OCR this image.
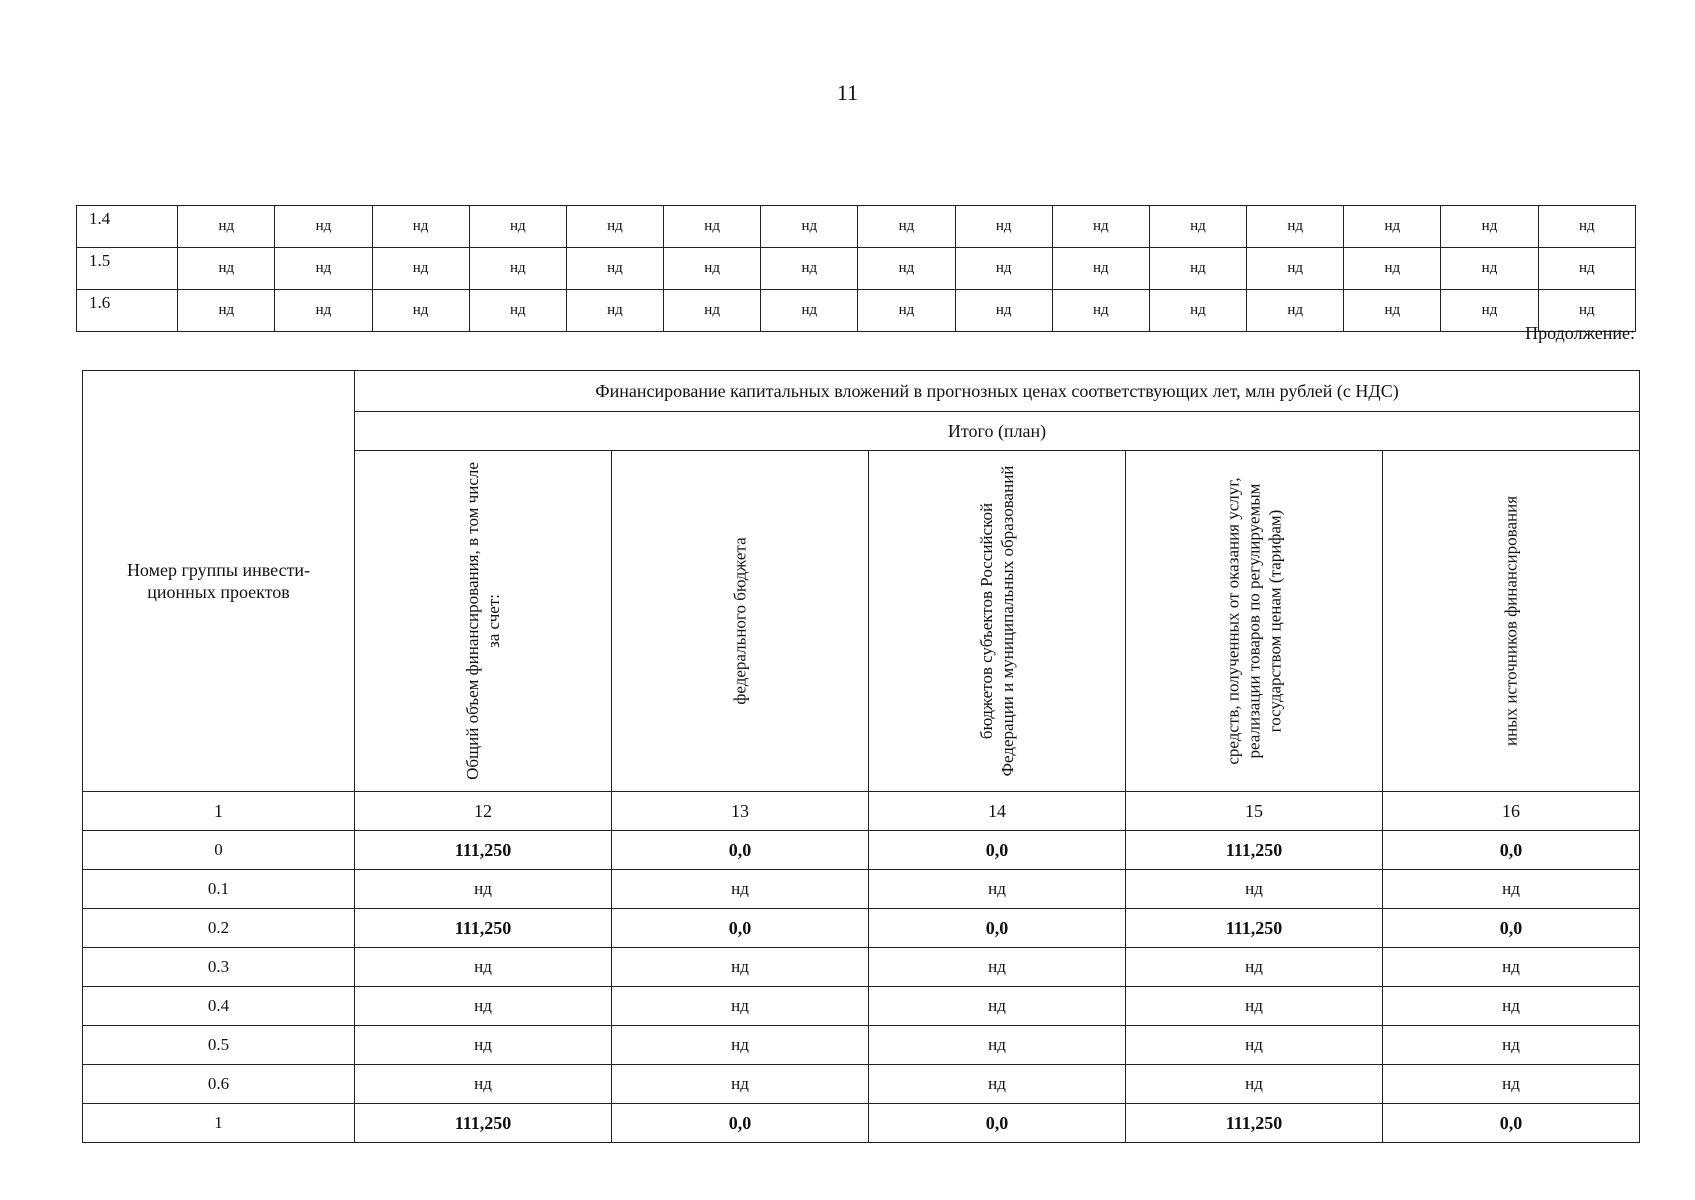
11
1.4	нд	нд	нд	нд	нд	нд	нд	нд	нд	нд	нд	нд	нд	нд	нд
1.5	нд	нд	нд	нд	нд	нд	нд	нд	нд	нд	нд	нд	нд	нд	нд
1.6	нд	нд	нд	нд	нд	нд	нд	нд	нд	нд	нд	нд	нд	нд	нд
Продолжение:
Номер группы инвести-ционных проектов	Финансирование капитальных вложений в прогнозных ценах соответствующих лет, млн рублей (с НДС)				
	Итого (план)				

	Общий объем финансирования, в том числе за счет:	федерального бюджета	бюджетов субъектов Российской Федерации и муниципальных образований	средств, полученных от оказания услуг, реализации товаров по регулируемым государством ценам (тарифам)	иных источников финансирования

1	12	13	14	15	16
0	111,250	0,0	0,0	111,250	0,0
0.1	нд	нд	нд	нд	нд
0.2	111,250	0,0	0,0	111,250	0,0
0.3	нд	нд	нд	нд	нд
0.4	нд	нд	нд	нд	нд
0.5	нд	нд	нд	нд	нд
0.6	нд	нд	нд	нд	нд
1	111,250	0,0	0,0	111,250	0,0
